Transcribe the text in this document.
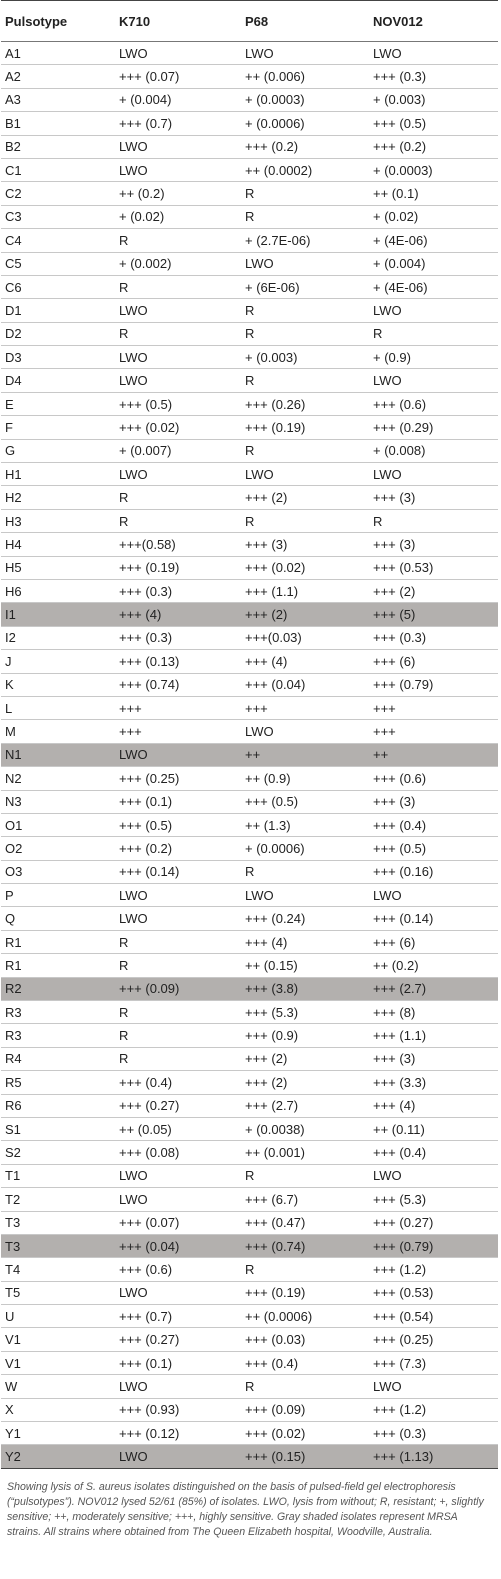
Pulsotype	K710	P68	NOV012
A1	LWO	LWO	LWO
A2	+++ (0.07)	++ (0.006)	+++ (0.3)
A3	+ (0.004)	+ (0.0003)	+ (0.003)
B1	+++ (0.7)	+ (0.0006)	+++ (0.5)
B2	LWO	+++ (0.2)	+++ (0.2)
C1	LWO	++ (0.0002)	+ (0.0003)
C2	++ (0.2)	R	++ (0.1)
C3	+ (0.02)	R	+ (0.02)
C4	R	+ (2.7E-06)	+ (4E-06)
C5	+ (0.002)	LWO	+ (0.004)
C6	R	+ (6E-06)	+ (4E-06)
D1	LWO	R	LWO
D2	R	R	R
D3	LWO	+ (0.003)	+ (0.9)
D4	LWO	R	LWO
E	+++ (0.5)	+++ (0.26)	+++ (0.6)
F	+++ (0.02)	+++ (0.19)	+++ (0.29)
G	+ (0.007)	R	+ (0.008)
H1	LWO	LWO	LWO
H2	R	+++ (2)	+++ (3)
H3	R	R	R
H4	+++(0.58)	+++ (3)	+++ (3)
H5	+++ (0.19)	+++ (0.02)	+++ (0.53)
H6	+++ (0.3)	+++ (1.1)	+++ (2)
I1	+++ (4)	+++ (2)	+++ (5)
I2	+++ (0.3)	+++(0.03)	+++ (0.3)
J	+++ (0.13)	+++ (4)	+++ (6)
K	+++ (0.74)	+++ (0.04)	+++ (0.79)
L	+++	+++	+++
M	+++	LWO	+++
N1	LWO	++	++
N2	+++ (0.25)	++ (0.9)	+++ (0.6)
N3	+++ (0.1)	+++ (0.5)	+++ (3)
O1	+++ (0.5)	++ (1.3)	+++ (0.4)
O2	+++ (0.2)	+ (0.0006)	+++ (0.5)
O3	+++ (0.14)	R	+++ (0.16)
P	LWO	LWO	LWO
Q	LWO	+++ (0.24)	+++ (0.14)
R1	R	+++ (4)	+++ (6)
R1	R	++ (0.15)	++ (0.2)
R2	+++ (0.09)	+++ (3.8)	+++ (2.7)
R3	R	+++ (5.3)	+++ (8)
R3	R	+++ (0.9)	+++ (1.1)
R4	R	+++ (2)	+++ (3)
R5	+++ (0.4)	+++ (2)	+++ (3.3)
R6	+++ (0.27)	+++ (2.7)	+++ (4)
S1	++ (0.05)	+ (0.0038)	++ (0.11)
S2	+++ (0.08)	++ (0.001)	+++ (0.4)
T1	LWO	R	LWO
T2	LWO	+++ (6.7)	+++ (5.3)
T3	+++ (0.07)	+++ (0.47)	+++ (0.27)
T3	+++ (0.04)	+++ (0.74)	+++ (0.79)
T4	+++ (0.6)	R	+++ (1.2)
T5	LWO	+++ (0.19)	+++ (0.53)
U	+++ (0.7)	++ (0.0006)	+++ (0.54)
V1	+++ (0.27)	+++ (0.03)	+++ (0.25)
V1	+++ (0.1)	+++ (0.4)	+++ (7.3)
W	LWO	R	LWO
X	+++ (0.93)	+++ (0.09)	+++ (1.2)
Y1	+++ (0.12)	+++ (0.02)	+++ (0.3)
Y2	LWO	+++ (0.15)	+++ (1.13)
Showing lysis of S. aureus isolates distinguished on the basis of pulsed-field gel electrophoresis (“pulsotypes”). NOV012 lysed 52/61 (85%) of isolates. LWO, lysis from without; R, resistant; +, slightly sensitive; ++, moderately sensitive; +++, highly sensitive. Gray shaded isolates represent MRSA strains. All strains where obtained from The Queen Elizabeth hospital, Woodville, Australia.
